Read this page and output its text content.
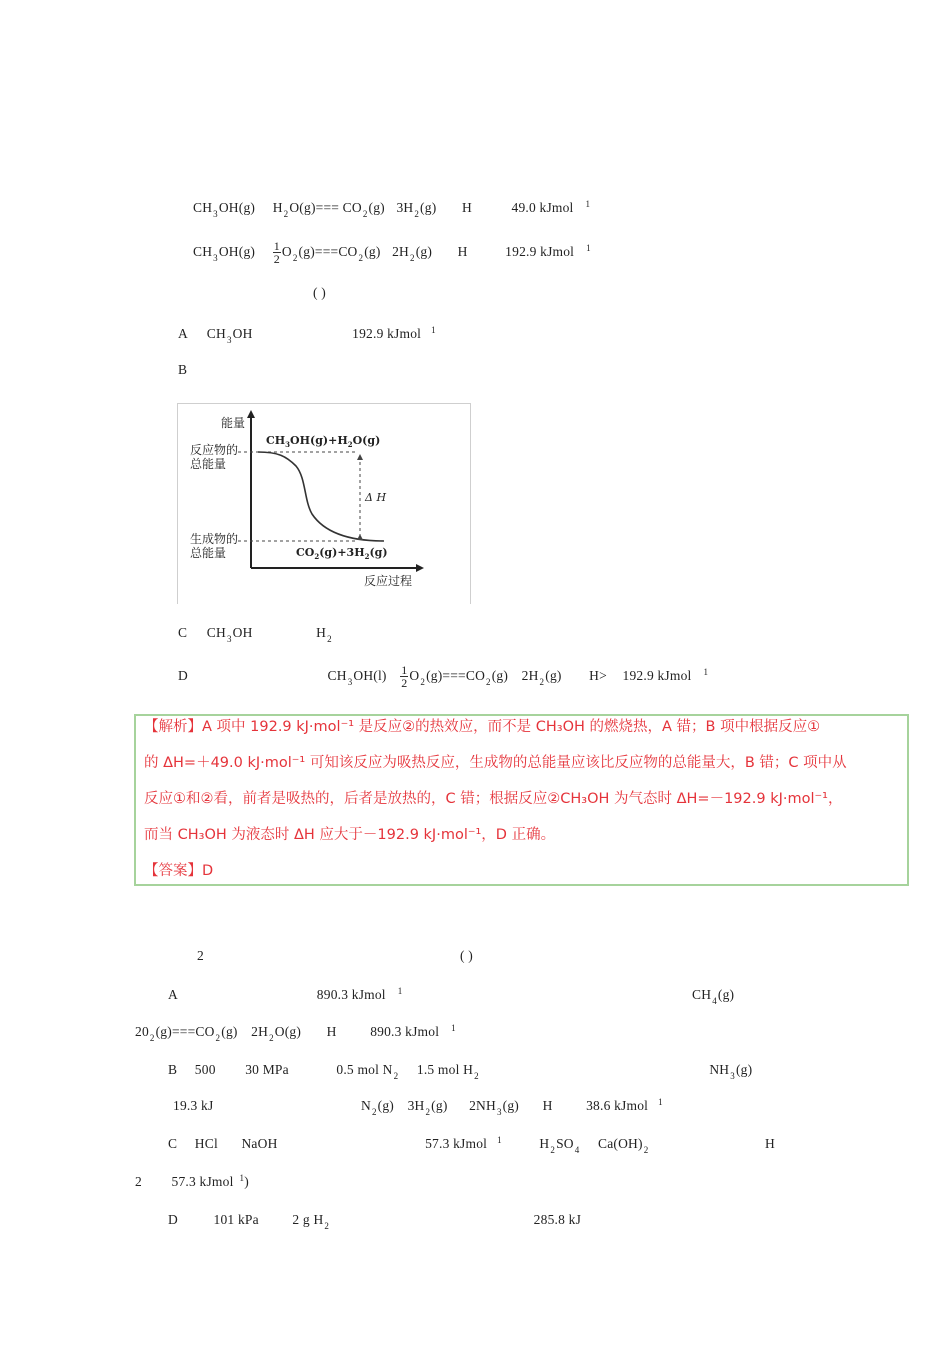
$CH_3OH(g)$ $H_2O(g)=== CO_2(g)$ $3H_2(g)$ H	49.0 kJmol $^1$
$CH_3OH(g) \frac{1}{2} O_2(g)===CO_2(g)$ $2H_2(g)$ H	192.9 kJmol $^1$
( )
A $CH_3OH$	192.9 kJmol $^1$
B
能量
反应物的
总能量
生成物的
总能量
$CH_3OH(g)+H_2O(g)$
$CO_2(g)+3H_2(g)$
Δ H
反应过程
C $CH_3OH$	$H_2$
D	$CH_3OH(l) \frac{1}{2} O_2(g)===CO_2(g)$ $2H_2(g)$ H> 192.9 kJmol $^1$
【解析】A 项中 192.9 kJ·mol⁻¹ 是反应②的热效应，而不是 CH₃OH 的燃烧热，A 错；B 项中根据反应①
的 ΔH=＋49.0 kJ·mol⁻¹ 可知该反应为吸热反应，生成物的总能量应该比反应物的总能量大，B 错；C 项中从
反应①和②看，前者是吸热的，后者是放热的，C 错；根据反应②CH₃OH 为气态时 ΔH=－192.9 kJ·mol⁻¹，
而当 CH₃OH 为液态时 ΔH 应大于－192.9 kJ·mol⁻¹，D 正确。
【答案】D
2	( )
A	890.3 kJmol $^1$	$CH_4(g)$
$20_2(g)===CO_2(g)$ $2H_2O(g)$ H 890.3 kJmol $^1$
B 500 30 MPa	0.5 mol $N_2$ 1.5 mol $H_2$	$NH_3(g)$
19.3 kJ	$N_2(g)$ $3H_2(g)$ $2NH_3(g)$ H 38.6 kJmol $^1$
C HCl NaOH	57.3 kJmol $^1$	$H_2SO_4$ $Ca(OH)_2$	H
2 57.3 kJmol $^1$)
D	101 kPa 2 g $H_2$	285.8 kJ
